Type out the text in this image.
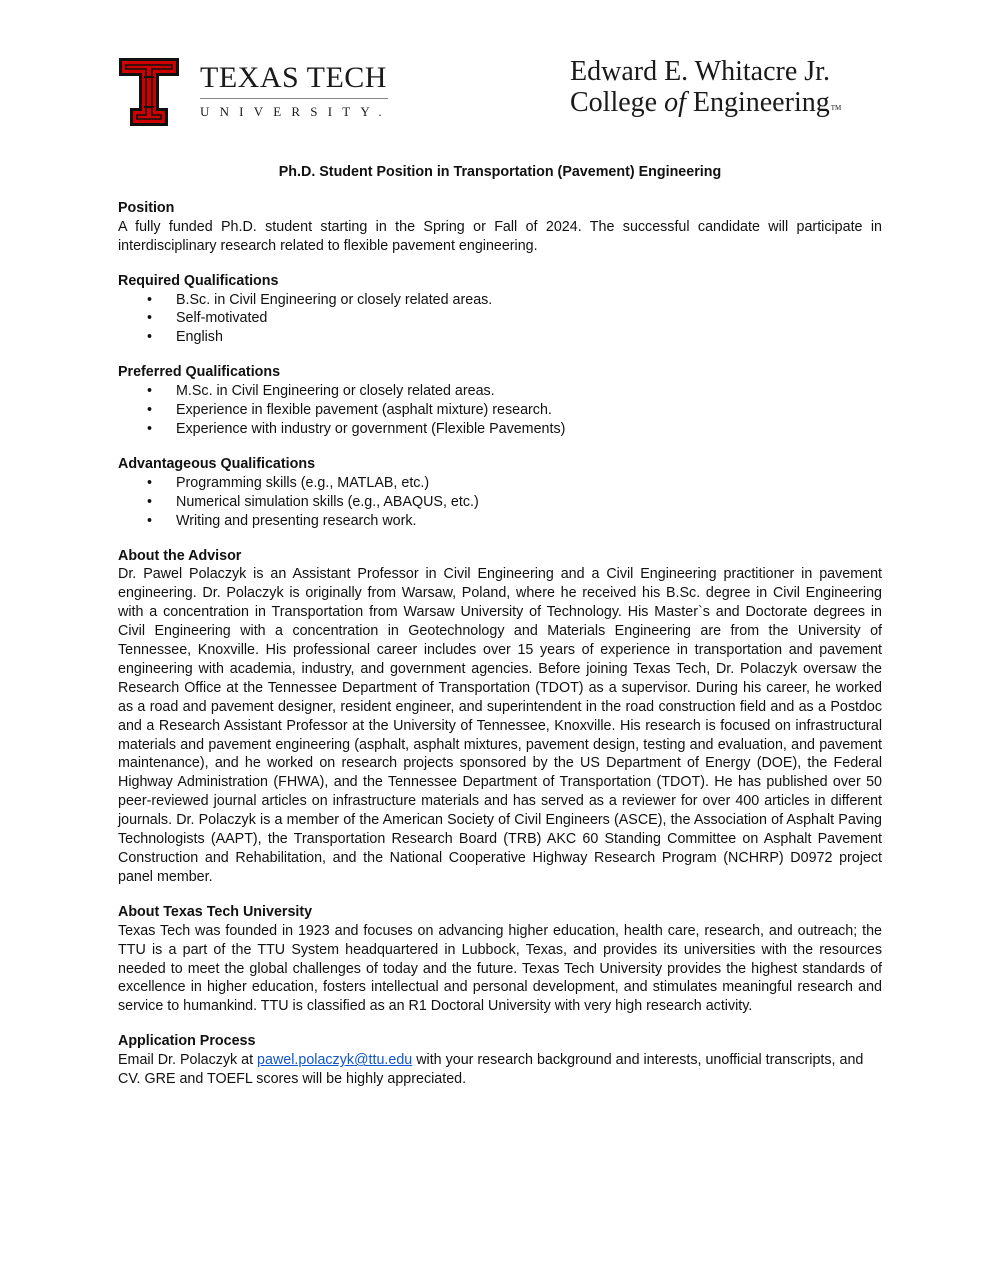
TEXAS TECH
UNIVERSITY.
Edward E. Whitacre Jr.
College of Engineering™

Ph.D. Student Position in Transportation (Pavement) Engineering

Position

A fully funded Ph.D. student starting in the Spring or Fall of 2024. The successful candidate will participate in interdisciplinary research related to flexible pavement engineering.

Required Qualifications

• B.Sc. in Civil Engineering or closely related areas.
• Self-motivated
• English

Preferred Qualifications

• M.Sc. in Civil Engineering or closely related areas.
• Experience in flexible pavement (asphalt mixture) research.
• Experience with industry or government (Flexible Pavements)

Advantageous Qualifications

• Programming skills (e.g., MATLAB, etc.)
• Numerical simulation skills (e.g., ABAQUS, etc.)
• Writing and presenting research work.

About the Advisor

Dr. Pawel Polaczyk is an Assistant Professor in Civil Engineering and a Civil Engineering practitioner in pavement engineering. Dr. Polaczyk is originally from Warsaw, Poland, where he received his B.Sc. degree in Civil Engineering with a concentration in Transportation from Warsaw University of Technology. His Master`s and Doctorate degrees in Civil Engineering with a concentration in Geotechnology and Materials Engineering are from the University of Tennessee, Knoxville. His professional career includes over 15 years of experience in transportation and pavement engineering with academia, industry, and government agencies. Before joining Texas Tech, Dr. Polaczyk oversaw the Research Office at the Tennessee Department of Transportation (TDOT) as a supervisor. During his career, he worked as a road and pavement designer, resident engineer, and superintendent in the road construction field and as a Postdoc and a Research Assistant Professor at the University of Tennessee, Knoxville. His research is focused on infrastructural materials and pavement engineering (asphalt, asphalt mixtures, pavement design, testing and evaluation, and pavement maintenance), and he worked on research projects sponsored by the US Department of Energy (DOE), the Federal Highway Administration (FHWA), and the Tennessee Department of Transportation (TDOT). He has published over 50 peer-reviewed journal articles on infrastructure materials and has served as a reviewer for over 400 articles in different journals. Dr. Polaczyk is a member of the American Society of Civil Engineers (ASCE), the Association of Asphalt Paving Technologists (AAPT), the Transportation Research Board (TRB) AKC 60 Standing Committee on Asphalt Pavement Construction and Rehabilitation, and the National Cooperative Highway Research Program (NCHRP) D0972 project panel member.

About Texas Tech University

Texas Tech was founded in 1923 and focuses on advancing higher education, health care, research, and outreach; the TTU is a part of the TTU System headquartered in Lubbock, Texas, and provides its universities with the resources needed to meet the global challenges of today and the future. Texas Tech University provides the highest standards of excellence in higher education, fosters intellectual and personal development, and stimulates meaningful research and service to humankind. TTU is classified as an R1 Doctoral University with very high research activity.

Application Process

Email Dr. Polaczyk at pawel.polaczyk@ttu.edu with your research background and interests, unofficial transcripts, and CV. GRE and TOEFL scores will be highly appreciated.
